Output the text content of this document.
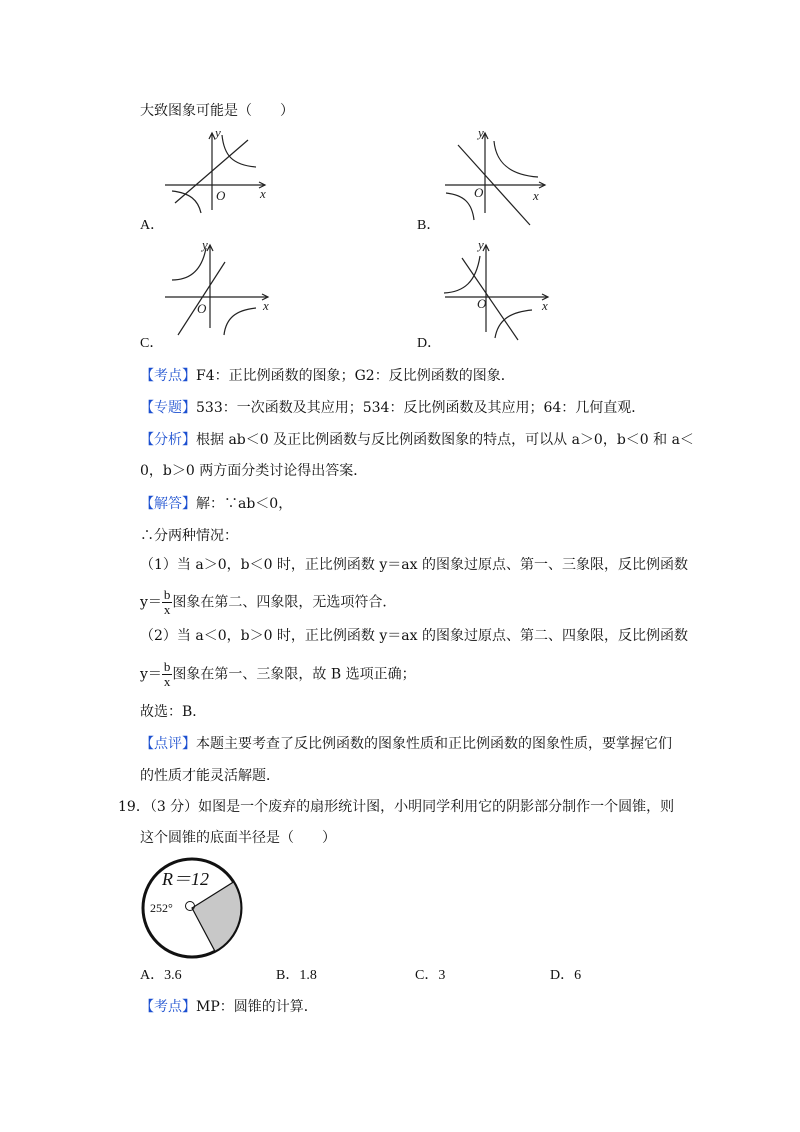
大致图象可能是（　　）
y
x
O
A．
y
x
O
B．
y
x
O
C．
y
x
O
D．
【考点】F4：正比例函数的图象；G2：反比例函数的图象．
【专题】533：一次函数及其应用；534：反比例函数及其应用；64：几何直观．
【分析】根据 ab＜0 及正比例函数与反比例函数图象的特点，可以从 a＞0，b＜0 和 a＜
0，b＞0 两方面分类讨论得出答案．
【解答】解：∵ab＜0，
∴分两种情况：
（1）当 a＞0，b＜0 时，正比例函数 y＝ax 的图象过原点、第一、三象限，反比例函数
$y= \frac{b}{x}$ 图象在第二、四象限，无选项符合．
（2）当 a＜0，b＞0 时，正比例函数 y＝ax 的图象过原点、第二、四象限，反比例函数
$y= \frac{b}{x}$ 图象在第一、三象限，故 B 选项正确；
故选：B．
【点评】本题主要考查了反比例函数的图象性质和正比例函数的图象性质，要掌握它们
的性质才能灵活解题．
19．（3 分）如图是一个废弃的扇形统计图，小明同学利用它的阴影部分制作一个圆锥，则
这个圆锥的底面半径是（　　）
R＝12
252°
A．3.6	B．1.8	C．3	D．6
【考点】MP：圆锥的计算．
